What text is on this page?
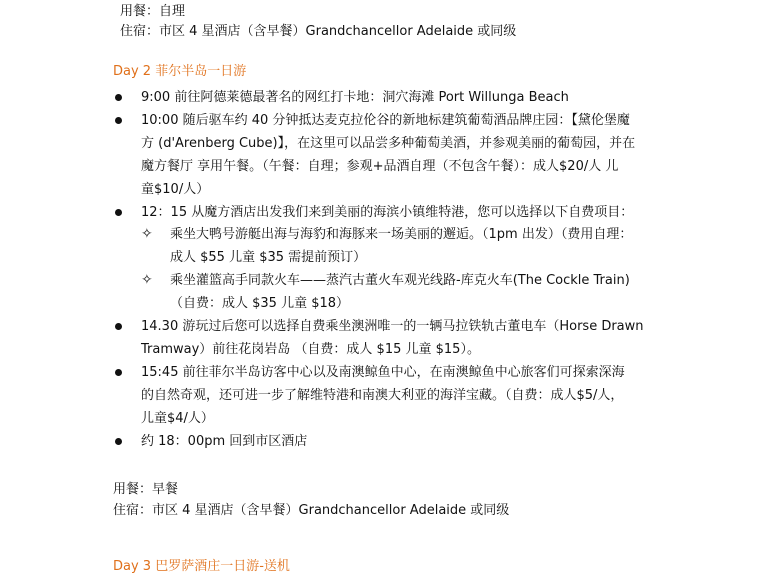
用餐：自理
住宿：市区 4 星酒店（含早餐）Grandchancellor Adelaide 或同级
Day 2 菲尔半岛一日游
9:00 前往阿德莱德最著名的网红打卡地：洞穴海滩 Port Willunga Beach
10:00 随后驱车约 40 分钟抵达麦克拉伦谷的新地标建筑葡萄酒品牌庄园：【黛伦堡魔
方 (d'Arenberg Cube)】，在这里可以品尝多种葡萄美酒，并参观美丽的葡萄园，并在
魔方餐厅 享用午餐。（午餐：自理；参观+品酒自理（不包含午餐）：成人$20/人 儿
童$10/人）
12：15 从魔方酒店出发我们来到美丽的海滨小镇维特港，您可以选择以下自费项目：
✧ 乘坐大鸭号游艇出海与海豹和海豚来一场美丽的邂逅。（1pm 出发）（费用自理：
成人 $55 儿童 $35 需提前预订）
✧ 乘坐灌篮高手同款火车——蒸汽古董火车观光线路-库克火车(The Cockle Train)
（自费：成人 $35 儿童 $18）
14.30 游玩过后您可以选择自费乘坐澳洲唯一的一辆马拉铁轨古董电车（Horse Drawn
Tramway）前往花岗岩岛 （自费：成人 $15 儿童 $15）。
15:45 前往菲尔半岛访客中心以及南澳鲸鱼中心，在南澳鲸鱼中心旅客们可探索深海
的自然奇观，还可进一步了解维特港和南澳大利亚的海洋宝藏。（自费：成人$5/人，
儿童$4/人）
约 18：00pm 回到市区酒店
用餐：早餐
住宿：市区 4 星酒店（含早餐）Grandchancellor Adelaide 或同级
Day 3 巴罗萨酒庄一日游-送机
